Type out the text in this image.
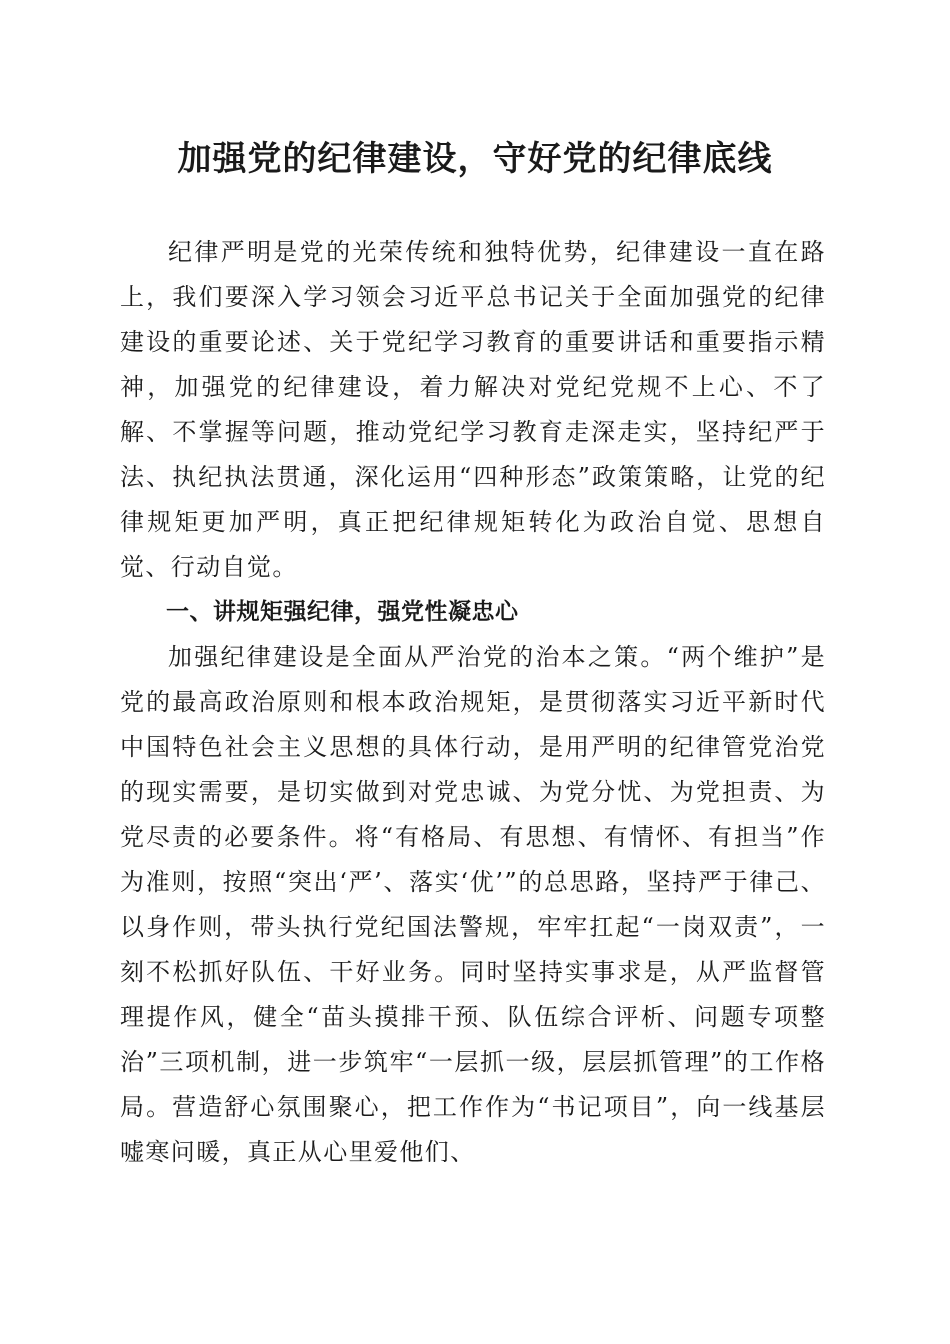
加强党的纪律建设，守好党的纪律底线

纪律严明是党的光荣传统和独特优势，纪律建设一直在路上，我们要深入学习领会习近平总书记关于全面加强党的纪律建设的重要论述、关于党纪学习教育的重要讲话和重要指示精神，加强党的纪律建设，着力解决对党纪党规不上心、不了解、不掌握等问题，推动党纪学习教育走深走实，坚持纪严于法、执纪执法贯通，深化运用“四种形态”政策策略，让党的纪律规矩更加严明，真正把纪律规矩转化为政治自觉、思想自觉、行动自觉。

一、讲规矩强纪律，强党性凝忠心

加强纪律建设是全面从严治党的治本之策。“两个维护”是党的最高政治原则和根本政治规矩，是贯彻落实习近平新时代中国特色社会主义思想的具体行动，是用严明的纪律管党治党的现实需要，是切实做到对党忠诚、为党分忧、为党担责、为党尽责的必要条件。将“有格局、有思想、有情怀、有担当”作为准则，按照“突出‘严’、落实‘优’”的总思路，坚持严于律己、以身作则，带头执行党纪国法警规，牢牢扛起“一岗双责”，一刻不松抓好队伍、干好业务。同时坚持实事求是，从严监督管理提作风，健全“苗头摸排干预、队伍综合评析、问题专项整治”三项机制，进一步筑牢“一层抓一级，层层抓管理”的工作格局。营造舒心氛围聚心，把工作作为“书记项目”，向一线基层嘘寒问暖，真正从心里爱他们、
